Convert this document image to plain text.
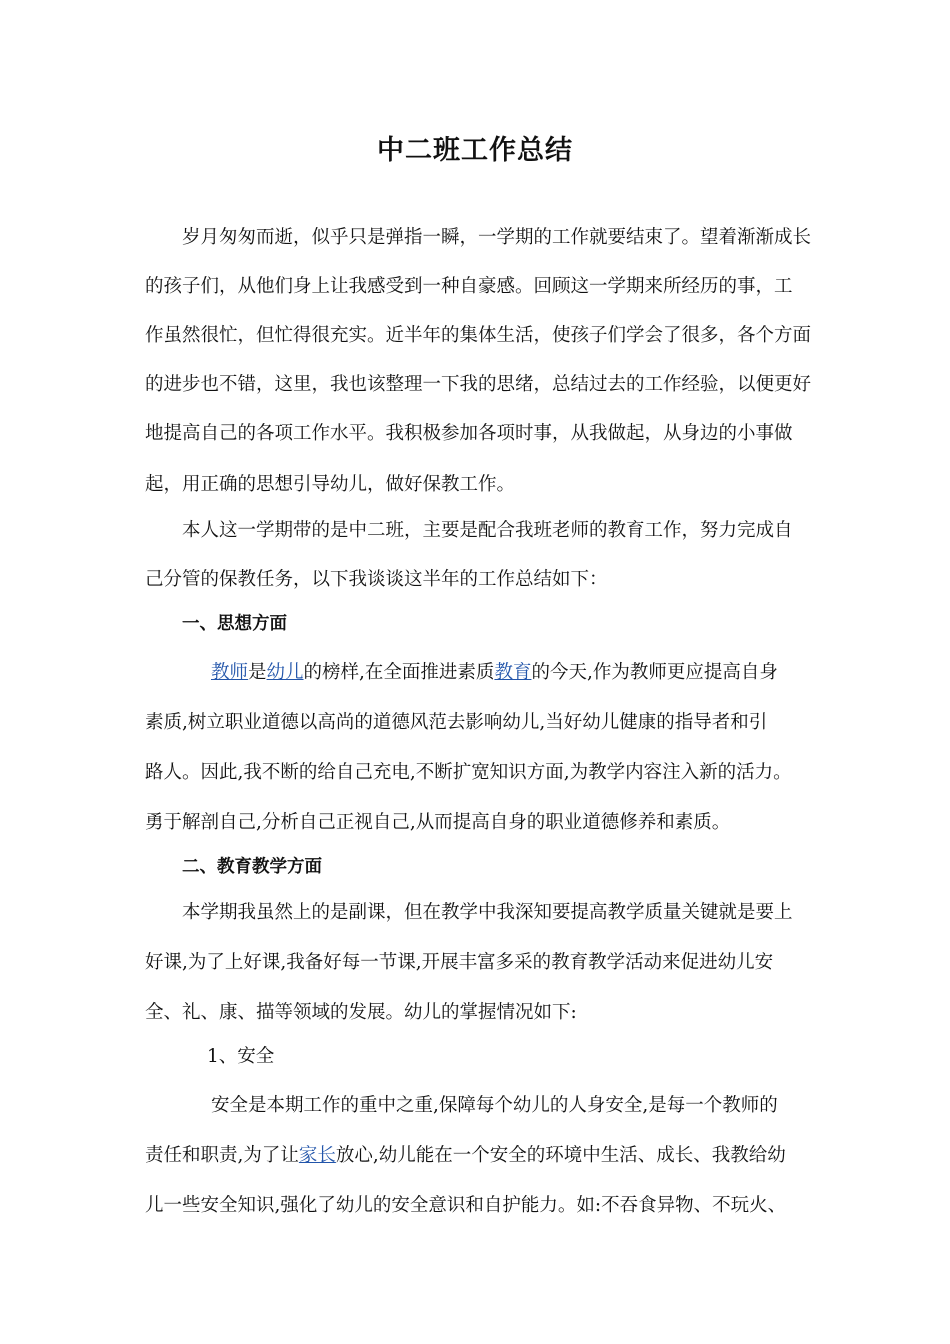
中二班工作总结

岁月匆匆而逝，似乎只是弹指一瞬，一学期的工作就要结束了。望着渐渐成长

的孩子们，从他们身上让我感受到一种自豪感。回顾这一学期来所经历的事，工

作虽然很忙，但忙得很充实。近半年的集体生活，使孩子们学会了很多，各个方面

的进步也不错，这里，我也该整理一下我的思绪，总结过去的工作经验，以便更好

地提高自己的各项工作水平。我积极参加各项时事，从我做起，从身边的小事做

起，用正确的思想引导幼儿，做好保教工作。

本人这一学期带的是中二班，主要是配合我班老师的教育工作，努力完成自

己分管的保教任务，以下我谈谈这半年的工作总结如下：

一、思想方面

教师是幼儿的榜样,在全面推进素质教育的今天,作为教师更应提高自身

素质,树立职业道德以高尚的道德风范去影响幼儿,当好幼儿健康的指导者和引

路人。因此,我不断的给自己充电,不断扩宽知识方面,为教学内容注入新的活力。

勇于解剖自己,分析自己正视自己,从而提高自身的职业道德修养和素质。

二、教育教学方面

本学期我虽然上的是副课，但在教学中我深知要提高教学质量关键就是要上

好课,为了上好课,我备好每一节课,开展丰富多采的教育教学活动来促进幼儿安

全、礼、康、描等领域的发展。幼儿的掌握情况如下:

1、安全

安全是本期工作的重中之重,保障每个幼儿的人身安全,是每一个教师的

责任和职责,为了让家长放心,幼儿能在一个安全的环境中生活、成长、我教给幼

儿一些安全知识,强化了幼儿的安全意识和自护能力。如:不吞食异物、不玩火、
